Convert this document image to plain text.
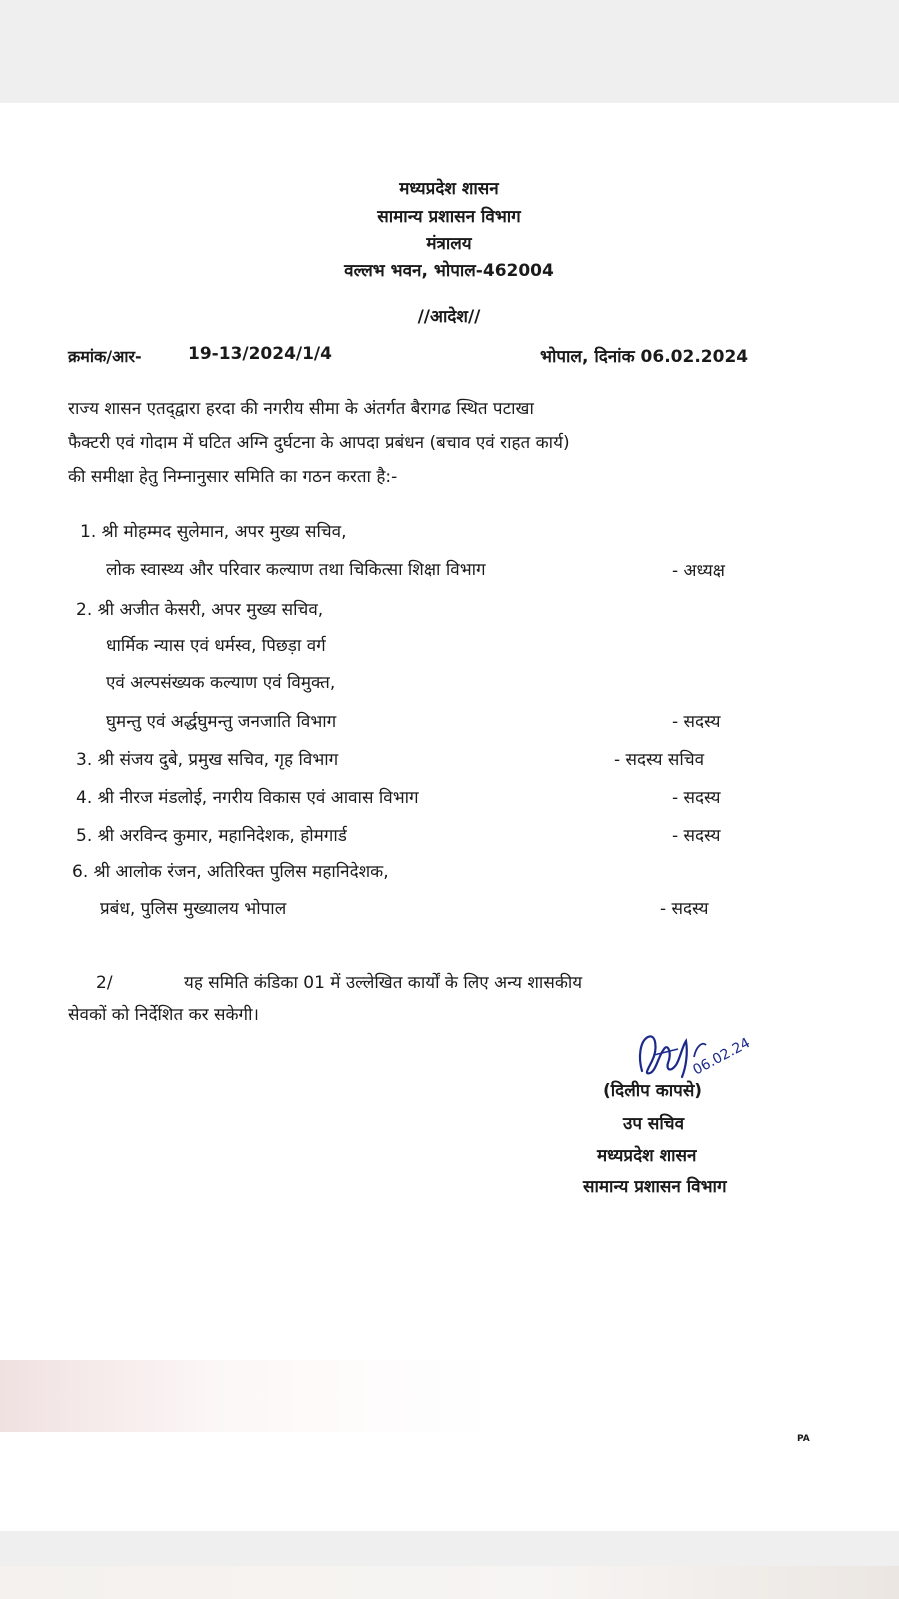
मध्यप्रदेश शासन
सामान्य प्रशासन विभाग
मंत्रालय
वल्लभ भवन, भोपाल-462004
//आदेश//
क्रमांक/आर-	19-13/2024/1/4	भोपाल, दिनांक 06.02.2024
राज्य शासन एतद्‌द्वारा हरदा की नगरीय सीमा के अंतर्गत बैरागढ स्थित पटाखा
फैक्टरी एवं गोदाम में घटित अग्नि दुर्घटना के आपदा प्रबंधन (बचाव एवं राहत कार्य)
की समीक्षा हेतु निम्नानुसार समिति का गठन करता है:-
1. श्री मोहम्मद सुलेमान, अपर मुख्य सचिव,
लोक स्वास्थ्य और परिवार कल्याण तथा चिकित्सा शिक्षा विभाग	- अध्यक्ष
2. श्री अजीत केसरी, अपर मुख्य सचिव,
धार्मिक न्यास एवं धर्मस्व, पिछड़ा वर्ग
एवं अल्पसंख्यक कल्याण एवं विमुक्त,
घुमन्तु एवं अर्द्धघुमन्तु जनजाति विभाग	- सदस्य
3. श्री संजय दुबे, प्रमुख सचिव, गृह विभाग	- सदस्य सचिव
4. श्री नीरज मंडलोई, नगरीय विकास एवं आवास विभाग	- सदस्य
5. श्री अरविन्द कुमार, महानिदेशक, होमगार्ड	- सदस्य
6. श्री आलोक रंजन, अतिरिक्त पुलिस महानिदेशक,
प्रबंध, पुलिस मुख्यालय भोपाल	- सदस्य
2/	यह समिति कंडिका 01 में उल्लेखित कार्यों के लिए अन्य शासकीय
सेवकों को निर्देशित कर सकेगी।
06.02.24
(दिलीप कापसे)
उप सचिव
मध्यप्रदेश शासन
सामान्य प्रशासन विभाग
PA
